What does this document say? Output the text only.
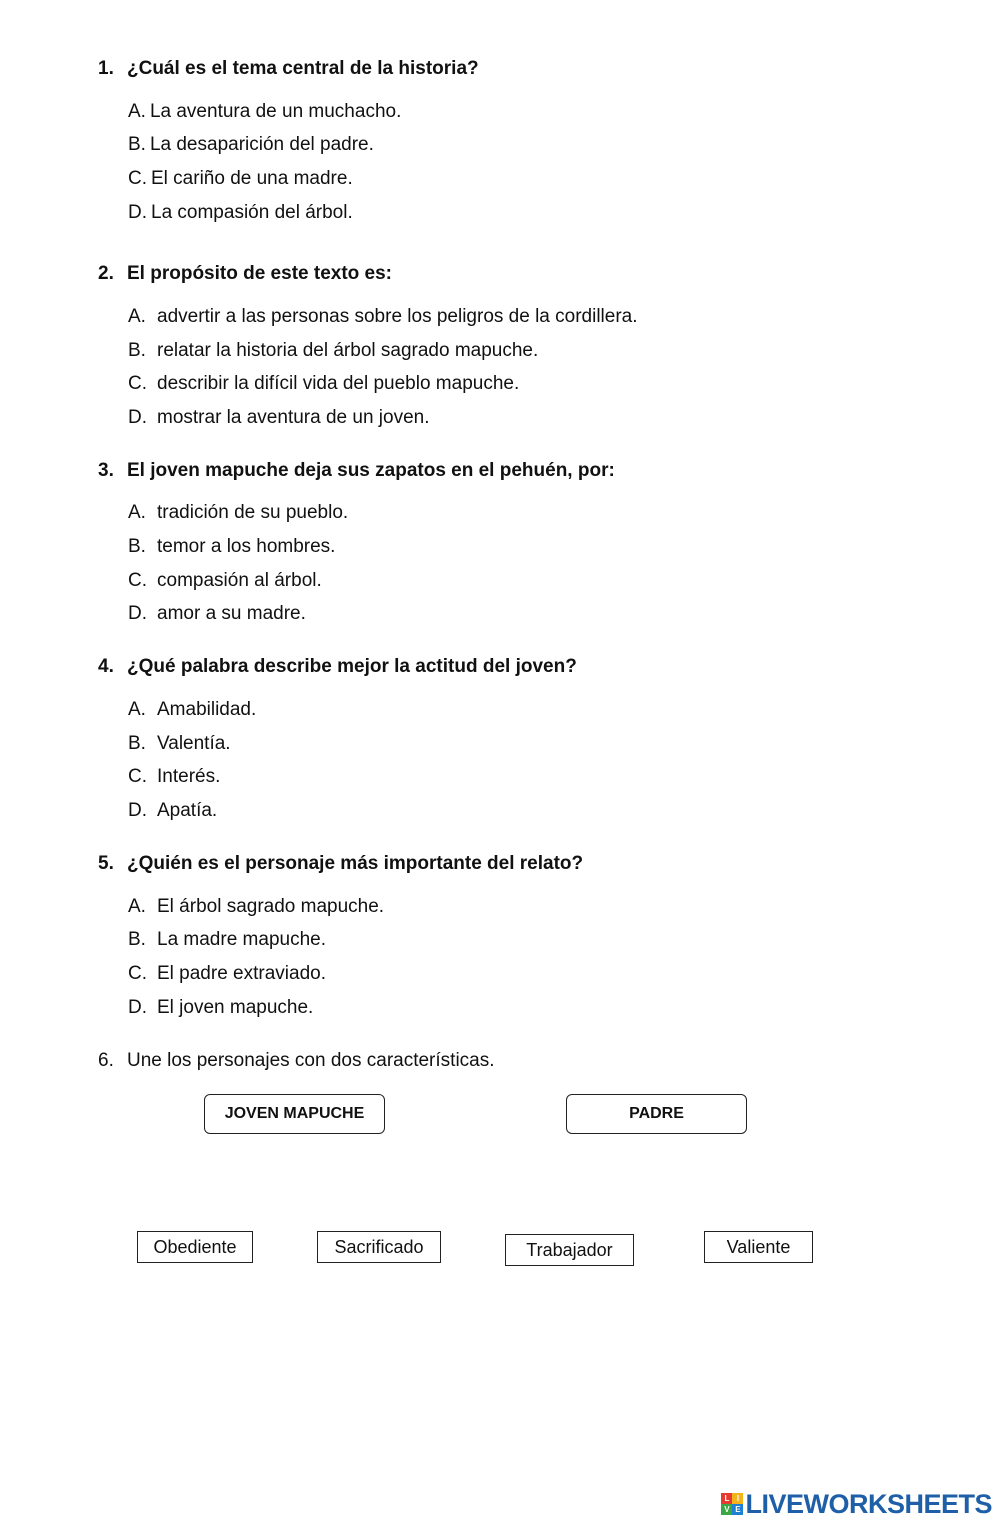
1. ¿Cuál es el tema central de la historia?
A. La aventura de un muchacho.
B. La desaparición del padre.
C. El cariño de una madre.
D. La compasión del árbol.
2. El propósito de este texto es:
A. advertir a las personas sobre los peligros de la cordillera.
B. relatar la historia del árbol sagrado mapuche.
C. describir la difícil vida del pueblo mapuche.
D. mostrar la aventura de un joven.
3. El joven mapuche deja sus zapatos en el pehuén, por:
A. tradición de su pueblo.
B. temor a los hombres.
C. compasión al árbol.
D. amor a su madre.
4. ¿Qué palabra describe mejor la actitud del joven?
A. Amabilidad.
B. Valentía.
C. Interés.
D. Apatía.
5. ¿Quién es el personaje más importante del relato?
A. El árbol sagrado mapuche.
B. La madre mapuche.
C. El padre extraviado.
D. El joven mapuche.
6. Une los personajes con dos características.
JOVEN MAPUCHE	PADRE
Obediente	Sacrificado	Trabajador	Valiente
L I
V E LIVEWORKSHEETS
